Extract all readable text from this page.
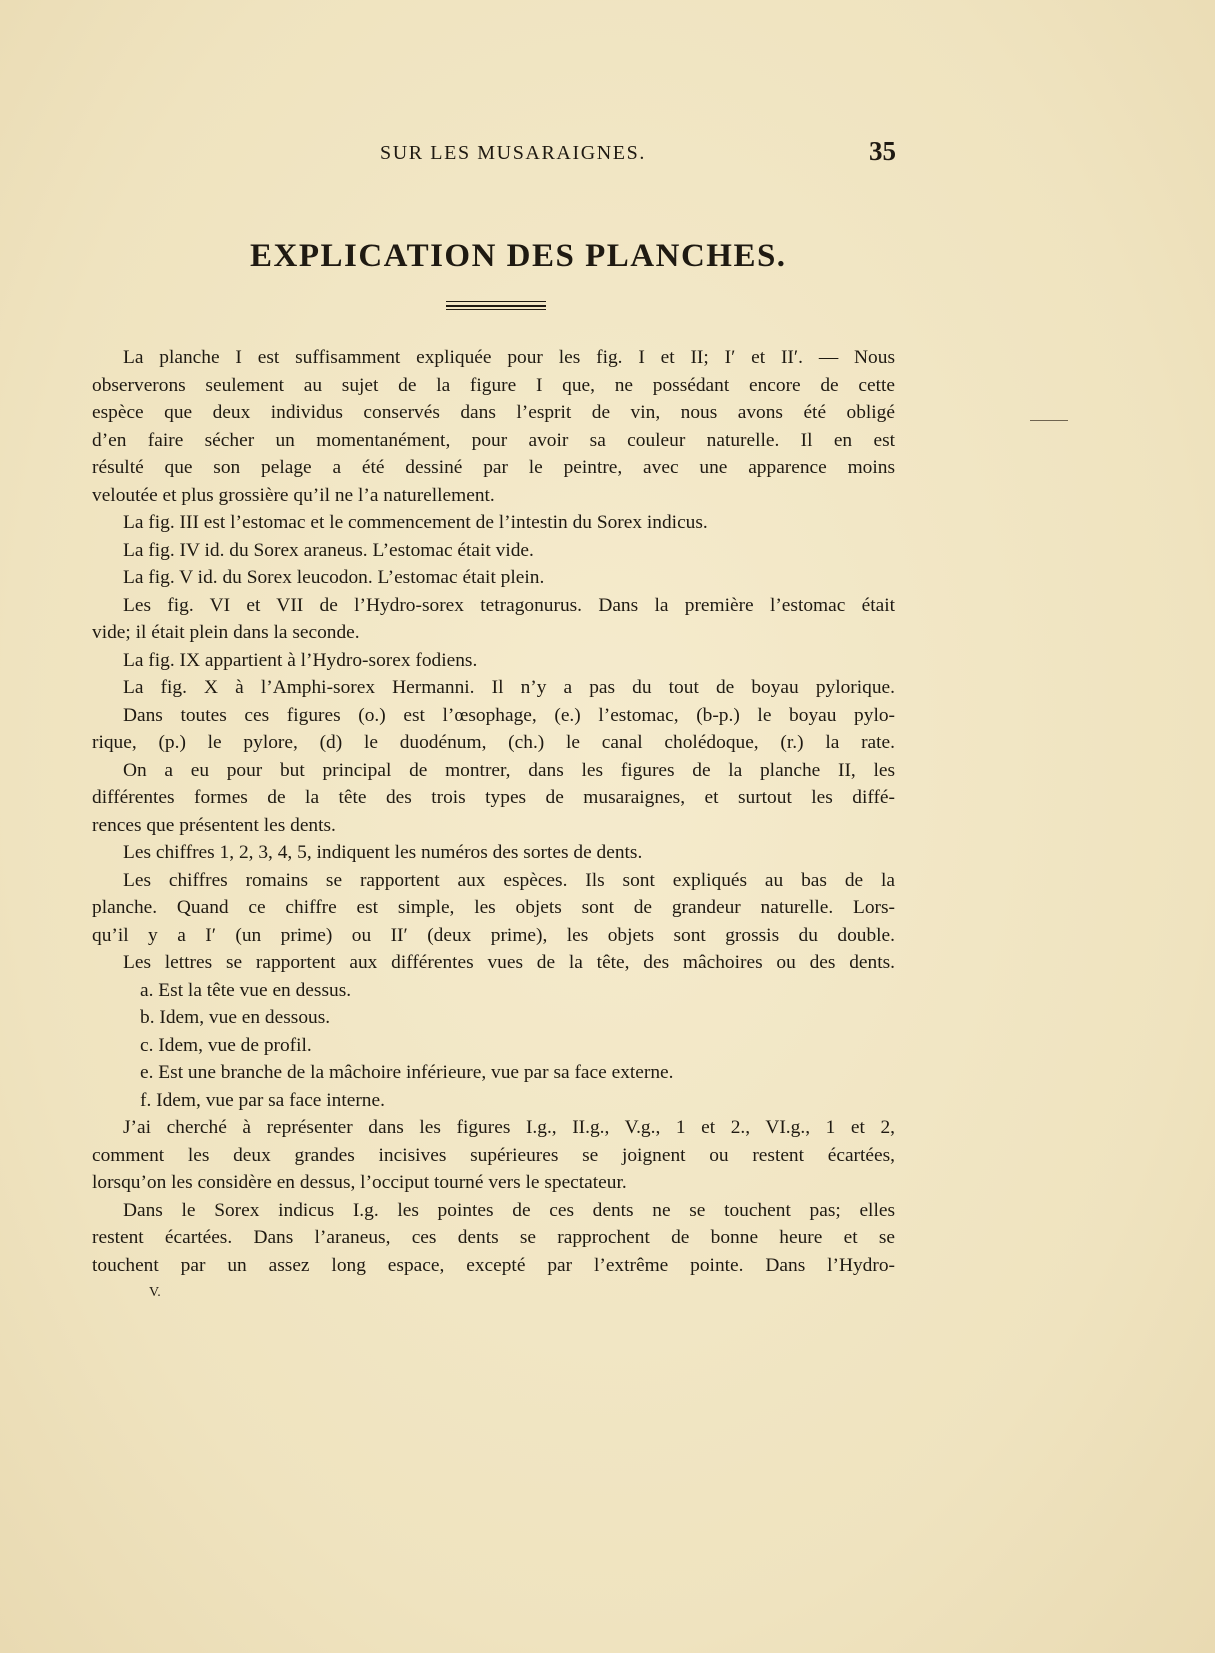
SUR LES MUSARAIGNES.	35
EXPLICATION DES PLANCHES.
La planche I est suffisamment expliquée pour les fig. I et II; I′ et II′. — Nous
observerons seulement au sujet de la figure I que, ne possédant encore de cette
espèce que deux individus conservés dans l’esprit de vin, nous avons été obligé
d’en faire sécher un momentanément, pour avoir sa couleur naturelle. Il en est
résulté que son pelage a été dessiné par le peintre, avec une apparence moins
veloutée et plus grossière qu’il ne l’a naturellement.
La fig. III est l’estomac et le commencement de l’intestin du Sorex indicus.
La fig. IV id. du Sorex araneus. L’estomac était vide.
La fig. V id. du Sorex leucodon. L’estomac était plein.
Les fig. VI et VII de l’Hydro-sorex tetragonurus. Dans la première l’estomac était
vide; il était plein dans la seconde.
La fig. IX appartient à l’Hydro-sorex fodiens.
La fig. X à l’Amphi-sorex Hermanni. Il n’y a pas du tout de boyau pylorique.
Dans toutes ces figures (o.) est l’œsophage, (e.) l’estomac, (b-p.) le boyau pylo-
rique, (p.) le pylore, (d) le duodénum, (ch.) le canal cholédoque, (r.) la rate.
On a eu pour but principal de montrer, dans les figures de la planche II, les
différentes formes de la tête des trois types de musaraignes, et surtout les diffé-
rences que présentent les dents.
Les chiffres 1, 2, 3, 4, 5, indiquent les numéros des sortes de dents.
Les chiffres romains se rapportent aux espèces. Ils sont expliqués au bas de la
planche. Quand ce chiffre est simple, les objets sont de grandeur naturelle. Lors-
qu’il y a I′ (un prime) ou II′ (deux prime), les objets sont grossis du double.
Les lettres se rapportent aux différentes vues de la tête, des mâchoires ou des dents.
a. Est la tête vue en dessus.
b. Idem, vue en dessous.
c. Idem, vue de profil.
e. Est une branche de la mâchoire inférieure, vue par sa face externe.
f. Idem, vue par sa face interne.
J’ai cherché à représenter dans les figures I.g., II.g., V.g., 1 et 2., VI.g., 1 et 2,
comment les deux grandes incisives supérieures se joignent ou restent écartées,
lorsqu’on les considère en dessus, l’occiput tourné vers le spectateur.
Dans le Sorex indicus I.g. les pointes de ces dents ne se touchent pas; elles
restent écartées. Dans l’araneus, ces dents se rapprochent de bonne heure et se
touchent par un assez long espace, excepté par l’extrême pointe. Dans l’Hydro-
V.
